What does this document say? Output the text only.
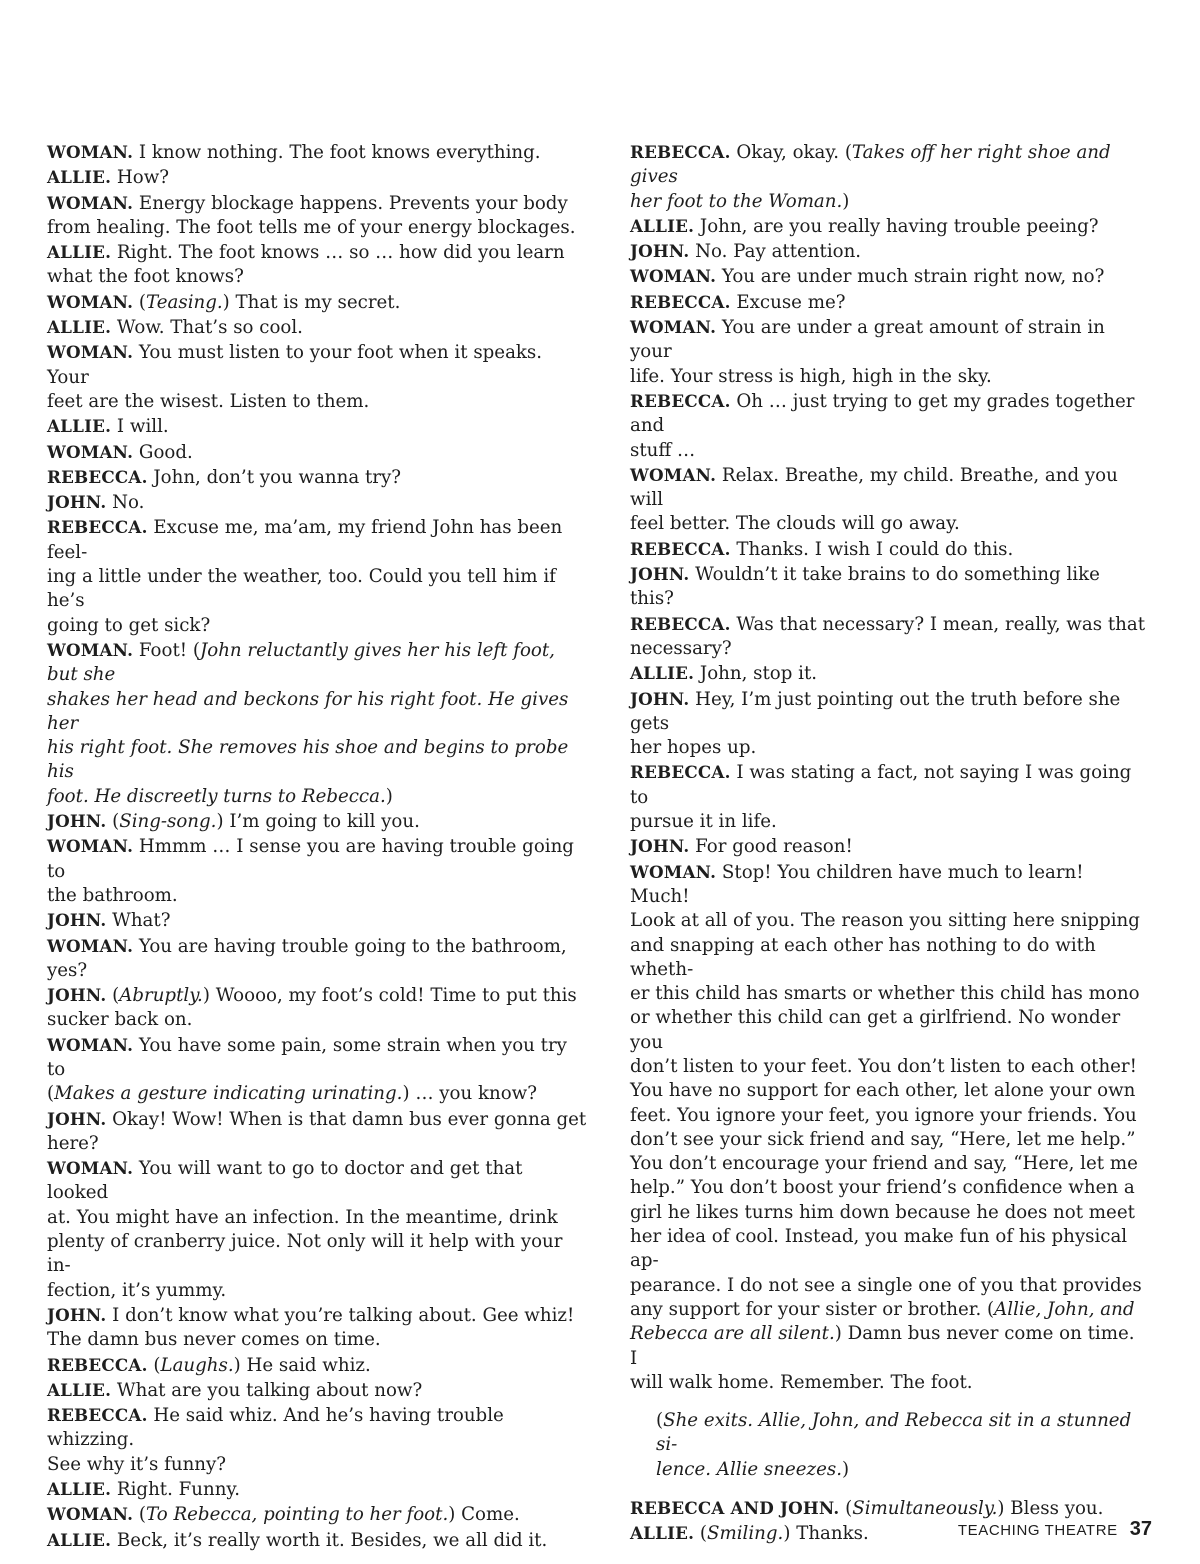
WOMAN. I know nothing. The foot knows everything.
ALLIE. How?
WOMAN. Energy blockage happens. Prevents your body
from healing. The foot tells me of your energy blockages.
ALLIE. Right. The foot knows … so … how did you learn
what the foot knows?
WOMAN. (Teasing.) That is my secret.
ALLIE. Wow. That’s so cool.
WOMAN. You must listen to your foot when it speaks. Your
feet are the wisest. Listen to them.
ALLIE. I will.
WOMAN. Good.
REBECCA. John, don’t you wanna try?
JOHN. No.
REBECCA. Excuse me, ma’am, my friend John has been feel-
ing a little under the weather, too. Could you tell him if he’s
going to get sick?
WOMAN. Foot! (John reluctantly gives her his left foot, but she
shakes her head and beckons for his right foot. He gives her
his right foot. She removes his shoe and begins to probe his
foot. He discreetly turns to Rebecca.)
JOHN. (Sing-song.) I’m going to kill you.
WOMAN. Hmmm … I sense you are having trouble going to
the bathroom.
JOHN. What?
WOMAN. You are having trouble going to the bathroom, yes?
JOHN. (Abruptly.) Woooo, my foot’s cold! Time to put this
sucker back on.
WOMAN. You have some pain, some strain when you try to
(Makes a gesture indicating urinating.) … you know?
JOHN. Okay! Wow! When is that damn bus ever gonna get
here?
WOMAN. You will want to go to doctor and get that looked
at. You might have an infection. In the meantime, drink
plenty of cranberry juice. Not only will it help with your in-
fection, it’s yummy.
JOHN. I don’t know what you’re talking about. Gee whiz!
The damn bus never comes on time.
REBECCA. (Laughs.) He said whiz.
ALLIE. What are you talking about now?
REBECCA. He said whiz. And he’s having trouble whizzing.
See why it’s funny?
ALLIE. Right. Funny.
WOMAN. (To Rebecca, pointing to her foot.) Come.
ALLIE. Beck, it’s really worth it. Besides, we all did it.
REBECCA. Okay, okay. (Takes off her right shoe and gives
her foot to the Woman.)
ALLIE. John, are you really having trouble peeing?
JOHN. No. Pay attention.
WOMAN. You are under much strain right now, no?
REBECCA. Excuse me?
WOMAN. You are under a great amount of strain in your
life. Your stress is high, high in the sky.
REBECCA. Oh … just trying to get my grades together and
stuff …
WOMAN. Relax. Breathe, my child. Breathe, and you will
feel better. The clouds will go away.
REBECCA. Thanks. I wish I could do this.
JOHN. Wouldn’t it take brains to do something like this?
REBECCA. Was that necessary? I mean, really, was that
necessary?
ALLIE. John, stop it.
JOHN. Hey, I’m just pointing out the truth before she gets
her hopes up.
REBECCA. I was stating a fact, not saying I was going to
pursue it in life.
JOHN. For good reason!
WOMAN. Stop! You children have much to learn! Much!
Look at all of you. The reason you sitting here snipping
and snapping at each other has nothing to do with wheth-
er this child has smarts or whether this child has mono
or whether this child can get a girlfriend. No wonder you
don’t listen to your feet. You don’t listen to each other!
You have no support for each other, let alone your own
feet. You ignore your feet, you ignore your friends. You
don’t see your sick friend and say, “Here, let me help.”
You don’t encourage your friend and say, “Here, let me
help.” You don’t boost your friend’s confidence when a
girl he likes turns him down because he does not meet
her idea of cool. Instead, you make fun of his physical ap-
pearance. I do not see a single one of you that provides
any support for your sister or brother. (Allie, John, and
Rebecca are all silent.) Damn bus never come on time. I
will walk home. Remember. The foot.
(She exits. Allie, John, and Rebecca sit in a stunned si-
lence. Allie sneezes.)
REBECCA AND JOHN. (Simultaneously.) Bless you.
ALLIE. (Smiling.) Thanks.	TEACHING THEATRE 37
